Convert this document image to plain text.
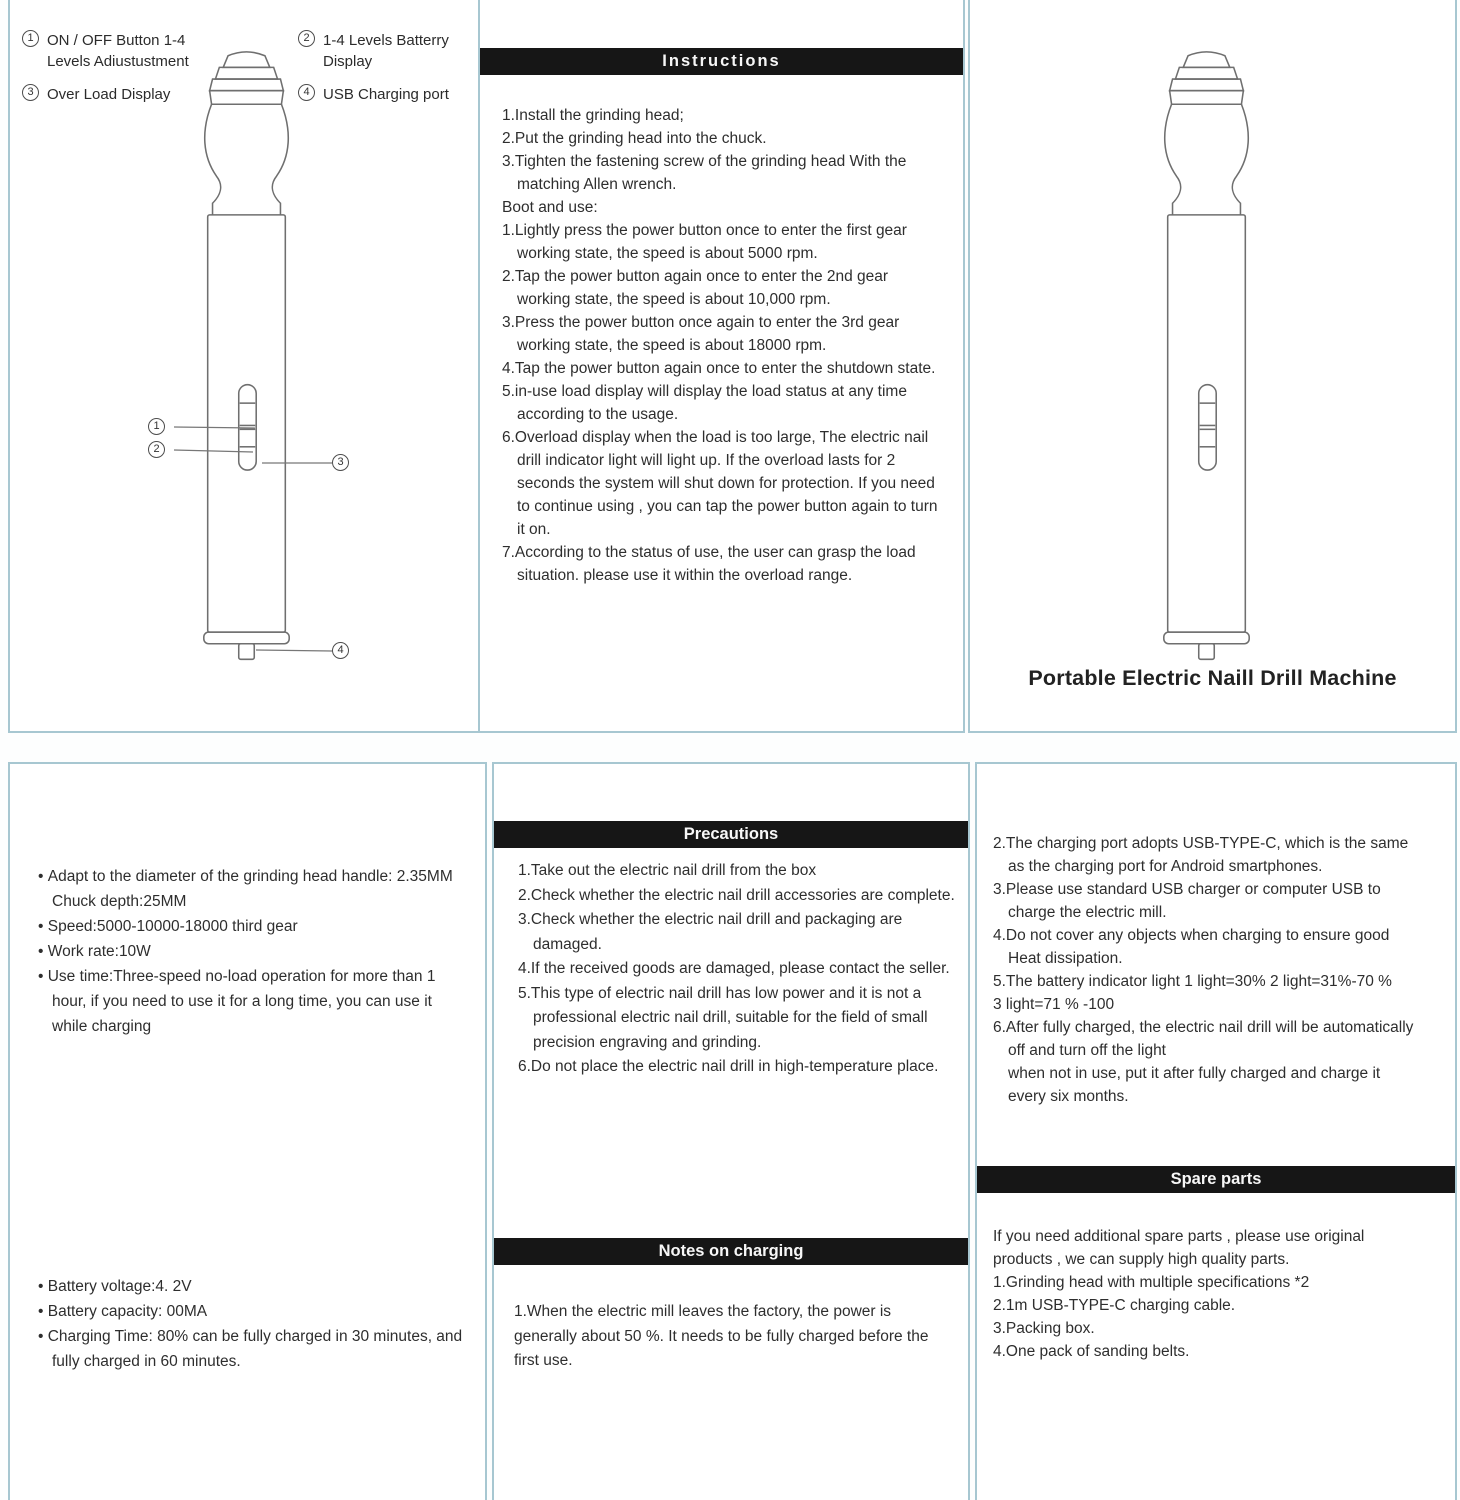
1 ON / OFF Button 1-4 Levels Adiustustment
2 1-4 Levels Batterry Display
3 Over Load Display	4 USB Charging port
1
2
3
4
Instructions
1.Install the grinding head;
2.Put the grinding head into the chuck.
3.Tighten the fastening screw of the grinding head With the matching Allen wrench.
Boot and use:
1.Lightly press the power button once to enter the first gear working state, the speed is about 5000 rpm.
2.Tap the power button again once to enter the 2nd gear working state, the speed is about 10,000 rpm.
3.Press the power button once again to enter the 3rd gear working state, the speed is about 18000 rpm.
4.Tap the power button again once to enter the shutdown state.
5.in-use load display will display the load status at any time according to the usage.
6.Overload display when the load is too large, The electric nail drill indicator light will light up. If the overload lasts for 2 seconds the system will shut down for protection. If you need to continue using , you can tap the power button again to turn it on.
7.According to the status of use, the user can grasp the load situation. please use it within the overload range.
Portable Electric Naill Drill Machine
• Adapt to the diameter of the grinding head handle: 2.35MM Chuck depth:25MM
• Speed:5000-10000-18000 third gear
• Work rate:10W
• Use time:Three-speed no-load operation for more than 1 hour, if you need to use it for a long time, you can use it while charging
• Battery voltage:4. 2V
• Battery capacity: 00MA
• Charging Time: 80% can be fully charged in 30 minutes, and fully charged in 60 minutes.
Precautions
1.Take out the electric nail drill from the box
2.Check whether the electric nail drill accessories are complete.
3.Check whether the electric nail drill and packaging are damaged.
4.If the received goods are damaged, please contact the seller.
5.This type of electric nail drill has low power and it is not a professional electric nail drill, suitable for the field of small precision engraving and grinding.
6.Do not place the electric nail drill in high-temperature place.
Notes on charging
1.When the electric mill leaves the factory, the power is generally about 50 %. It needs to be fully charged before the first use.
2.The charging port adopts USB-TYPE-C, which is the same as the charging port for Android smartphones.
3.Please use standard USB charger or computer USB to charge the electric mill.
4.Do not cover any objects when charging to ensure good Heat dissipation.
5.The battery indicator light 1 light=30% 2 light=31%-70 %
3 light=71 % -100
6.After fully charged, the electric nail drill will be automatically off and turn off the light
when not in use, put it after fully charged and charge it every six months.
Spare parts
If you need additional spare parts , please use original products , we can supply high quality parts.
1.Grinding head with multiple specifications *2
2.1m USB-TYPE-C charging cable.
3.Packing box.
4.One pack of sanding belts.
